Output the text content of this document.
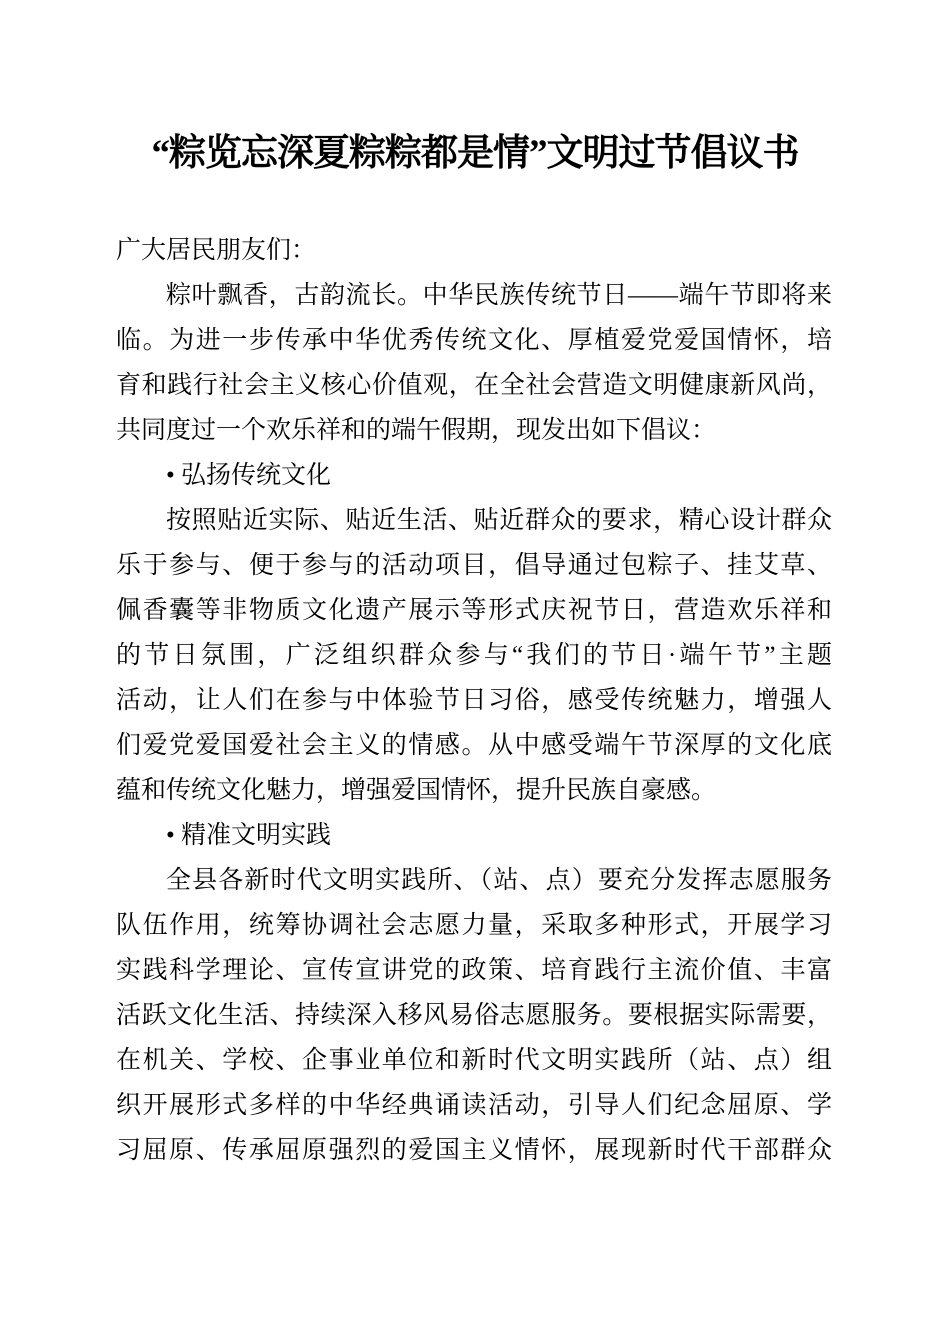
“粽览忘深夏粽粽都是情”文明过节倡议书
广大居民朋友们：
粽叶飘香，古韵流长。中华民族传统节日——端午节即将来
临。为进一步传承中华优秀传统文化、厚植爱党爱国情怀，培
育和践行社会主义核心价值观，在全社会营造文明健康新风尚，
共同度过一个欢乐祥和的端午假期，现发出如下倡议：
• 弘扬传统文化
按照贴近实际、贴近生活、贴近群众的要求，精心设计群众
乐于参与、便于参与的活动项目，倡导通过包粽子、挂艾草、
佩香囊等非物质文化遗产展示等形式庆祝节日，营造欢乐祥和
的节日氛围，广泛组织群众参与“我们的节日·端午节”主题
活动，让人们在参与中体验节日习俗，感受传统魅力，增强人
们爱党爱国爱社会主义的情感。从中感受端午节深厚的文化底
蕴和传统文化魅力，增强爱国情怀，提升民族自豪感。
• 精准文明实践
全县各新时代文明实践所、（站、点）要充分发挥志愿服务
队伍作用，统筹协调社会志愿力量，采取多种形式，开展学习
实践科学理论、宣传宣讲党的政策、培育践行主流价值、丰富
活跃文化生活、持续深入移风易俗志愿服务。要根据实际需要，
在机关、学校、企事业单位和新时代文明实践所（站、点）组
织开展形式多样的中华经典诵读活动，引导人们纪念屈原、学
习屈原、传承屈原强烈的爱国主义情怀，展现新时代干部群众
